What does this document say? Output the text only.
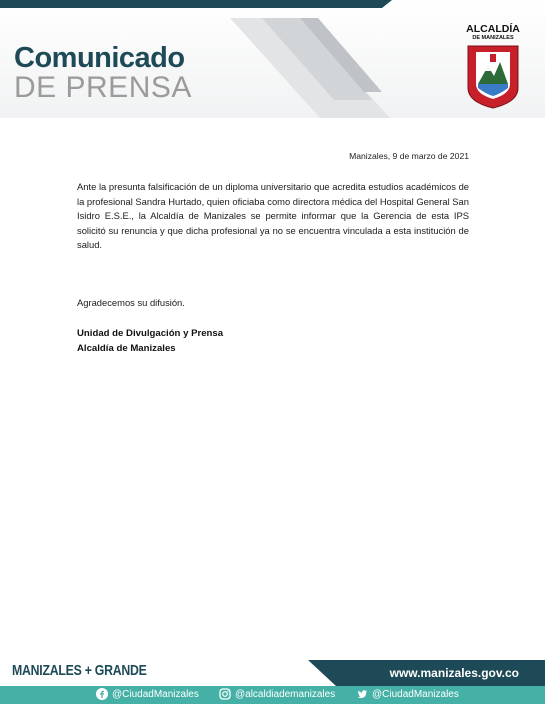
Comunicado
DE PRENSA
ALCALDÍA
DE MANIZALES
Manizales, 9 de marzo de 2021

Ante la presunta falsificación de un diploma universitario que acredita estudios académicos de la profesional Sandra Hurtado, quien oficiaba como directora médica del Hospital General San Isidro E.S.E., la Alcaldía de Manizales se permite informar que la Gerencia de esta IPS solicitó su renuncia y que dicha profesional ya no se encuentra vinculada a esta institución de salud.

Agradecemos su difusión.
Unidad de Divulgación y Prensa
Alcaldía de Manizales
MANIZALES + GRANDE	www.manizales.gov.co
@CiudadManizales	@alcaldiademanizales	@CiudadManizales
